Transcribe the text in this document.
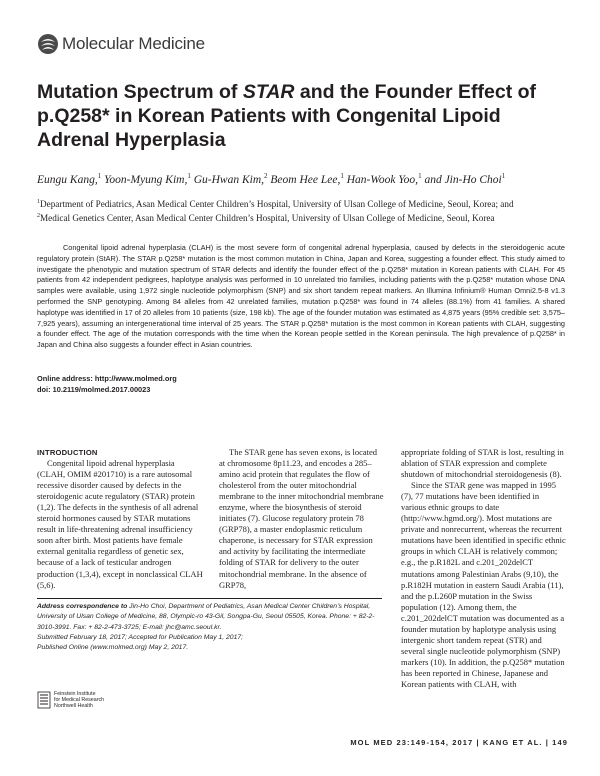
Molecular Medicine
Mutation Spectrum of STAR and the Founder Effect of p.Q258* in Korean Patients with Congenital Lipoid Adrenal Hyperplasia

Eungu Kang,$^1$ Yoon-Myung Kim,$^1$ Gu-Hwan Kim,$^2$ Beom Hee Lee,$^1$ Han-Wook Yoo,$^1$ and Jin-Ho Choi$^1$

$^1$Department of Pediatrics, Asan Medical Center Children’s Hospital, University of Ulsan College of Medicine, Seoul, Korea; and
$^2$Medical Genetics Center, Asan Medical Center Children’s Hospital, University of Ulsan College of Medicine, Seoul, Korea

Congenital lipoid adrenal hyperplasia (CLAH) is the most severe form of congenital adrenal hyperplasia, caused by defects in the steroidogenic acute regulatory protein (StAR). The STAR p.Q258* mutation is the most common mutation in China, Japan and Korea, suggesting a founder effect. This study aimed to investigate the phenotypic and mutation spectrum of STAR defects and identify the founder effect of the p.Q258* mutation in Korean patients with CLAH. For 45 patients from 42 independent pedigrees, haplotype analysis was performed in 10 unrelated trio families, including patients with the p.Q258* mutation whose DNA samples were available, using 1,972 single nucleotide polymorphism (SNP) and six short tandem repeat markers. An Illumina Infinium® Human Omni2.5-8 v1.3 performed the SNP genotyping. Among 84 alleles from 42 unrelated families, mutation p.Q258* was found in 74 alleles (88.1%) from 41 families. A shared haplotype was identified in 17 of 20 alleles from 10 patients (size, 198 kb). The age of the founder mutation was estimated as 4,875 years (95% credible set: 3,575–7,925 years), assuming an intergenerational time interval of 25 years. The STAR p.Q258* mutation is the most common in Korean patients with CLAH, suggesting a founder effect. The age of the mutation corresponds with the time when the Korean people settled in the Korean peninsula. The high prevalence of p.Q258* in Japan and China also suggests a founder effect in Asian countries.

Online address: http://www.molmed.org

doi: 10.2119/molmed.2017.00023

INTRODUCTION

Congenital lipoid adrenal hyperplasia (CLAH, OMIM #201710) is a rare autosomal recessive disorder caused by defects in the steroidogenic acute regulatory (STAR) protein (1,2). The defects in the synthesis of all adrenal steroid hormones caused by STAR mutations result in life-threatening adrenal insufficiency soon after birth. Most patients have female external genitalia regardless of genetic sex, because of a lack of testicular androgen production (1,3,4), except in nonclassical CLAH (5,6).

The STAR gene has seven exons, is located at chromosome 8p11.23, and encodes a 285–amino acid protein that regulates the flow of cholesterol from the outer mitochondrial membrane to the inner mitochondrial membrane enzyme, where the biosynthesis of steroid initiates (7). Glucose regulatory protein 78 (GRP78), a master endoplasmic reticulum chaperone, is necessary for STAR expression and activity by facilitating the intermediate folding of STAR for delivery to the outer mitochondrial membrane. In the absence of GRP78,

appropriate folding of STAR is lost, resulting in ablation of STAR expression and complete shutdown of mitochondrial steroidogenesis (8).

Since the STAR gene was mapped in 1995 (7), 77 mutations have been identified in various ethnic groups to date (http://www.hgmd.org/). Most mutations are private and nonrecurrent, whereas the recurrent mutations have been identified in specific ethnic groups in which CLAH is relatively common; e.g., the p.R182L and c.201_202delCT mutations among Palestinian Arabs (9,10), the p.R182H mutation in eastern Saudi Arabia (11), and the p.L260P mutation in the Swiss population (12). Among them, the c.201_202delCT mutation was documented as a founder mutation by haplotype analysis using intergenic short tandem repeat (STR) and several single nucleotide polymorphism (SNP) markers (10). In addition, the p.Q258* mutation has been reported in Chinese, Japanese and Korean patients with CLAH, with

Address correspondence to Jin-Ho Choi, Department of Pediatrics, Asan Medical Center Children’s Hospital, University of Ulsan College of Medicine, 88, Olympic-ro 43-Gil, Songpa-Gu, Seoul 05505, Korea. Phone: + 82-2-3010-3991. Fax: + 82-2-473-3725; E-mail: jhc@amc.seoul.kr.
Submitted February 18, 2017; Accepted for Publication May 1, 2017;
Published Online (www.molmed.org) May 2, 2017.
Feinstein Institute
for Medical Research
Northwell Health
MOL MED 23:149-154, 2017 | KANG ET AL. | 149
